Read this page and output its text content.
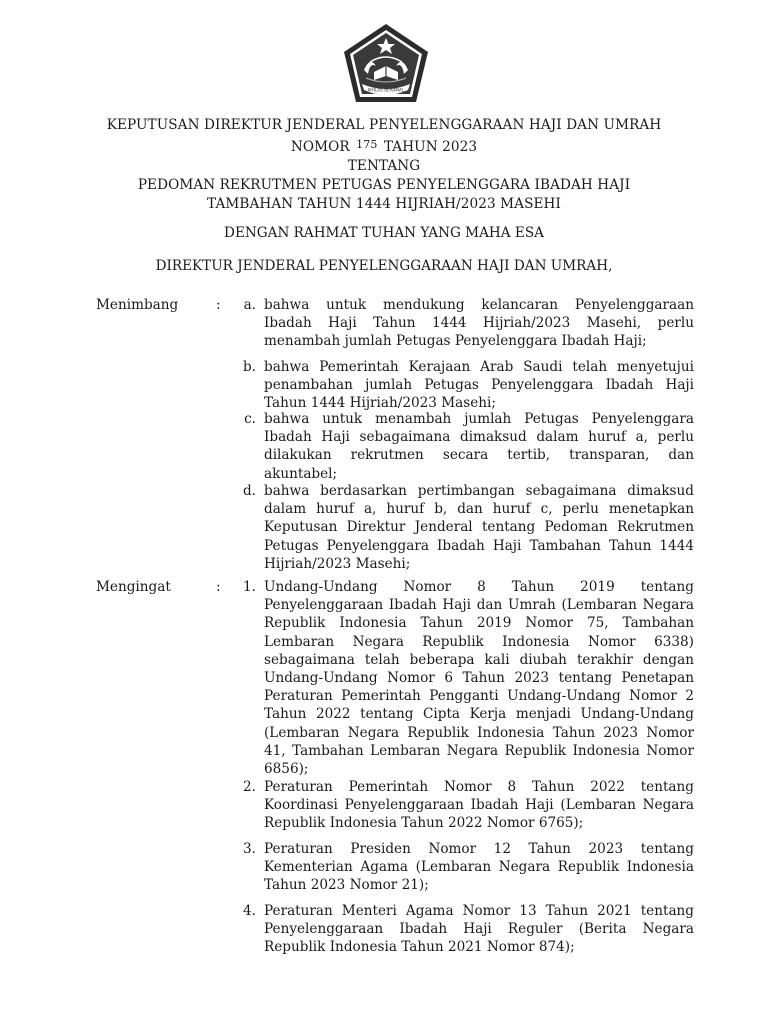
IKHLAS BERAMAL
KEPUTUSAN DIREKTUR JENDERAL PENYELENGGARAAN HAJI DAN UMRAH
NOMOR $^{175}$ TAHUN 2023
TENTANG
PEDOMAN REKRUTMEN PETUGAS PENYELENGGARA IBADAH HAJI
TAMBAHAN TAHUN 1444 HIJRIAH/2023 MASEHI
DENGAN RAHMAT TUHAN YANG MAHA ESA
DIREKTUR JENDERAL PENYELENGGARAAN HAJI DAN UMRAH,
Menimbang	:	a. bahwa untuk mendukung kelancaran Penyelenggaraan Ibadah Haji Tahun 1444 Hijriah/2023 Masehi, perlu menambah jumlah Petugas Penyelenggara Ibadah Haji;
b. bahwa Pemerintah Kerajaan Arab Saudi telah menyetujui penambahan jumlah Petugas Penyelenggara Ibadah Haji Tahun 1444 Hijriah/2023 Masehi;
c. bahwa untuk menambah jumlah Petugas Penyelenggara Ibadah Haji sebagaimana dimaksud dalam huruf a, perlu dilakukan rekrutmen secara tertib, transparan, dan akuntabel;
d. bahwa berdasarkan pertimbangan sebagaimana dimaksud dalam huruf a, huruf b, dan huruf c, perlu menetapkan Keputusan Direktur Jenderal tentang Pedoman Rekrutmen Petugas Penyelenggara Ibadah Haji Tambahan Tahun 1444 Hijriah/2023 Masehi;
Mengingat	:	1. Undang-Undang Nomor 8 Tahun 2019 tentang Penyelenggaraan Ibadah Haji dan Umrah (Lembaran Negara Republik Indonesia Tahun 2019 Nomor 75, Tambahan Lembaran Negara Republik Indonesia Nomor 6338) sebagaimana telah beberapa kali diubah terakhir dengan Undang-Undang Nomor 6 Tahun 2023 tentang Penetapan Peraturan Pemerintah Pengganti Undang-Undang Nomor 2 Tahun 2022 tentang Cipta Kerja menjadi Undang-Undang (Lembaran Negara Republik Indonesia Tahun 2023 Nomor 41, Tambahan Lembaran Negara Republik Indonesia Nomor 6856);
2. Peraturan Pemerintah Nomor 8 Tahun 2022 tentang Koordinasi Penyelenggaraan Ibadah Haji (Lembaran Negara Republik Indonesia Tahun 2022 Nomor 6765);
3. Peraturan Presiden Nomor 12 Tahun 2023 tentang Kementerian Agama (Lembaran Negara Republik Indonesia Tahun 2023 Nomor 21);
4. Peraturan Menteri Agama Nomor 13 Tahun 2021 tentang Penyelenggaraan Ibadah Haji Reguler (Berita Negara Republik Indonesia Tahun 2021 Nomor 874);
